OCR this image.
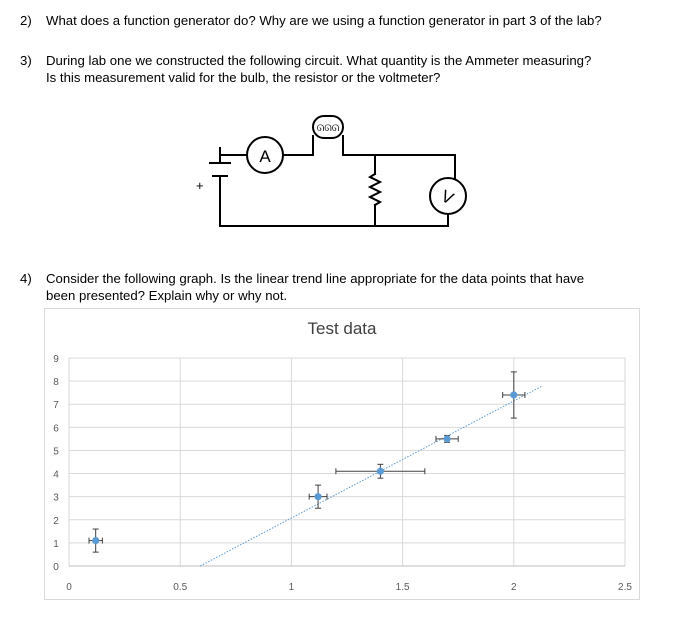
2) What does a function generator do? Why are we using a function generator in part 3 of the lab?
3) During lab one we constructed the following circuit. What quantity is the Ammeter measuring?
Is this measurement valid for the bulb, the resistor or the voltmeter?
+
A
ᘏᘏᘏ
V
4) Consider the following graph. Is the linear trend line appropriate for the data points that have
been presented? Explain why or why not.
Test data
0	0.5	1	1.5	2	2.5
0
1
2
3
4
5
6
7
8
9
